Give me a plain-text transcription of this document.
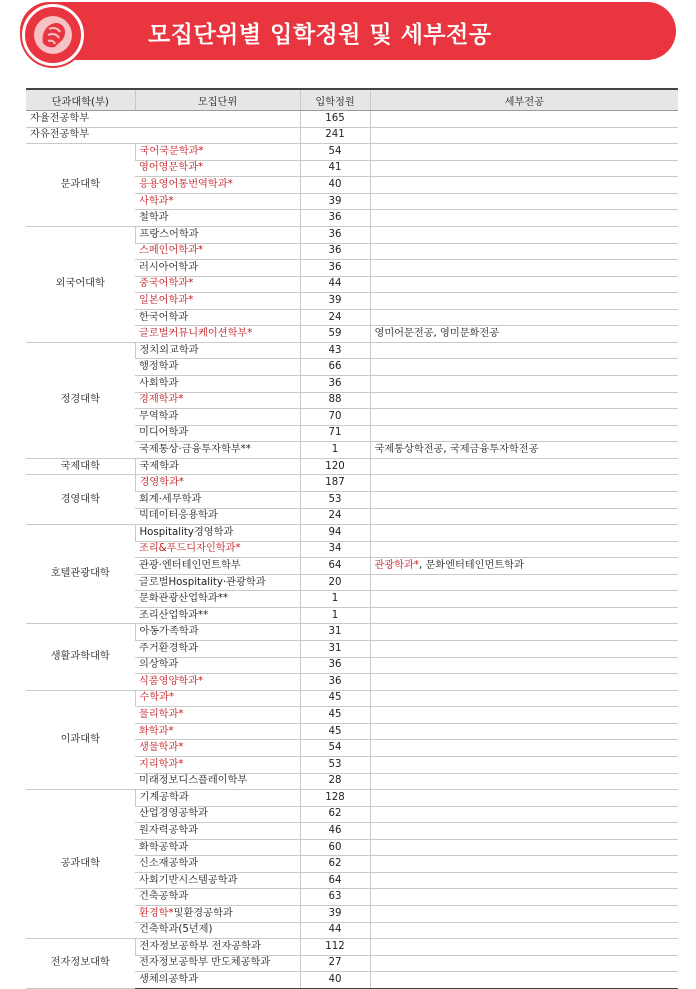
모집단위별 입학정원 및 세부전공
단과대학(부)	모집단위	입학정원	세부전공
자율전공학부		165	
자유전공학부		241	
문과대학	국어국문학과*	54	
	영어영문학과*	41	
	응용영어통번역학과*	40	
	사학과*	39	
	철학과	36	
외국어대학	프랑스어학과	36	
	스페인어학과*	36	
	러시아어학과	36	
	중국어학과*	44	
	일본어학과*	39	
	한국어학과	24	
	글로벌커뮤니케이션학부*	59	영미어문전공, 영미문화전공
정경대학	정치외교학과	43	
	행정학과	66	
	사회학과	36	
	경제학과*	88	
	무역학과	70	
	미디어학과	71	
	국제통상·금융투자학부**	1	국제통상학전공, 국제금융투자학전공
국제대학	국제학과	120	
경영대학	경영학과*	187	
	회계·세무학과	53	
	빅데이터응용학과	24	
호텔관광대학	Hospitality경영학과	94	
	조리&푸드디자인학과*	34	
	관광·엔터테인먼트학부	64	관광학과*, 문화엔터테인먼트학과
	글로벌Hospitality·관광학과	20	
	문화관광산업학과**	1	
	조리산업학과**	1	
생활과학대학	아동가족학과	31	
	주거환경학과	31	
	의상학과	36	
	식품영양학과*	36	
이과대학	수학과*	45	
	물리학과*	45	
	화학과*	45	
	생물학과*	54	
	지리학과*	53	
	미래정보디스플레이학부	28	
공과대학	기계공학과	128	
	산업경영공학과	62	
	원자력공학과	46	
	화학공학과	60	
	신소재공학과	62	
	사회기반시스템공학과	64	
	건축공학과	63	
	환경학*및환경공학과	39	
	건축학과(5년제)	44	
전자정보대학	전자정보공학부 전자공학과	112	
	전자정보공학부 반도체공학과	27	
	생체의공학과	40	
